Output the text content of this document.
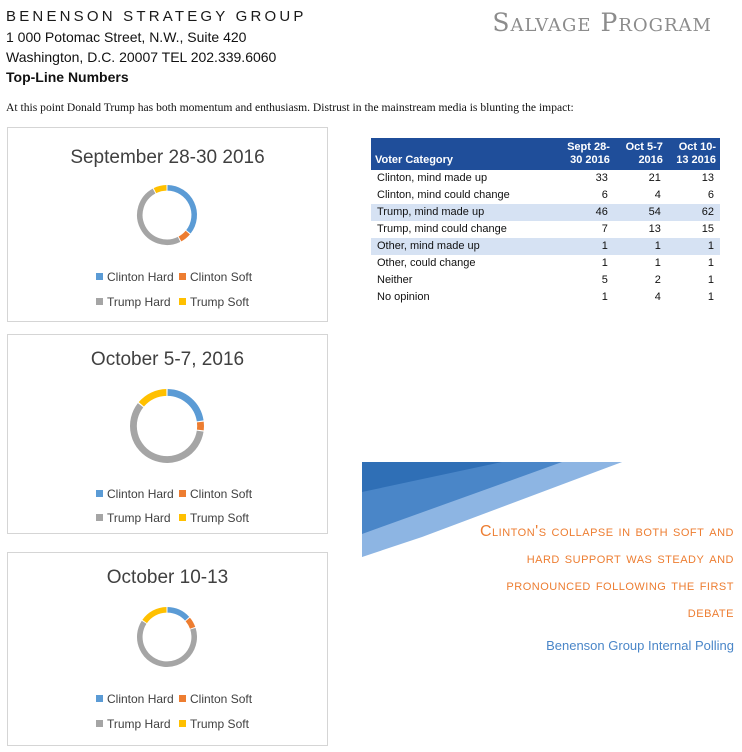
BENENSON STRATEGY GROUP
1 000 Potomac Street, N.W., Suite 420
Washington, D.C. 20007 TEL 202.339.6060
Top-Line Numbers
Salvage Program
At this point Donald Trump has both momentum and enthusiasm. Distrust in the mainstream media is blunting the impact:
September 28-30 2016
Clinton Hard	Clinton Soft
Trump Hard	Trump Soft
October 5-7, 2016
Clinton Hard	Clinton Soft
Trump Hard	Trump Soft
October 10-13
Clinton Hard	Clinton Soft
Trump Hard	Trump Soft
Voter Category	Sept 28-30 2016	Oct 5-7 2016	Oct 10-13 2016
Clinton, mind made up	33	21	13
Clinton, mind could change	6	4	6
Trump, mind made up	46	54	62
Trump, mind could change	7	13	15
Other, mind made up	1	1	1
Other, could change	1	1	1
Neither	5	2	1
No opinion	1	4	1
Clinton's collapse in both soft and
hard support was steady and
pronounced following the first
debate
Benenson Group Internal Polling
